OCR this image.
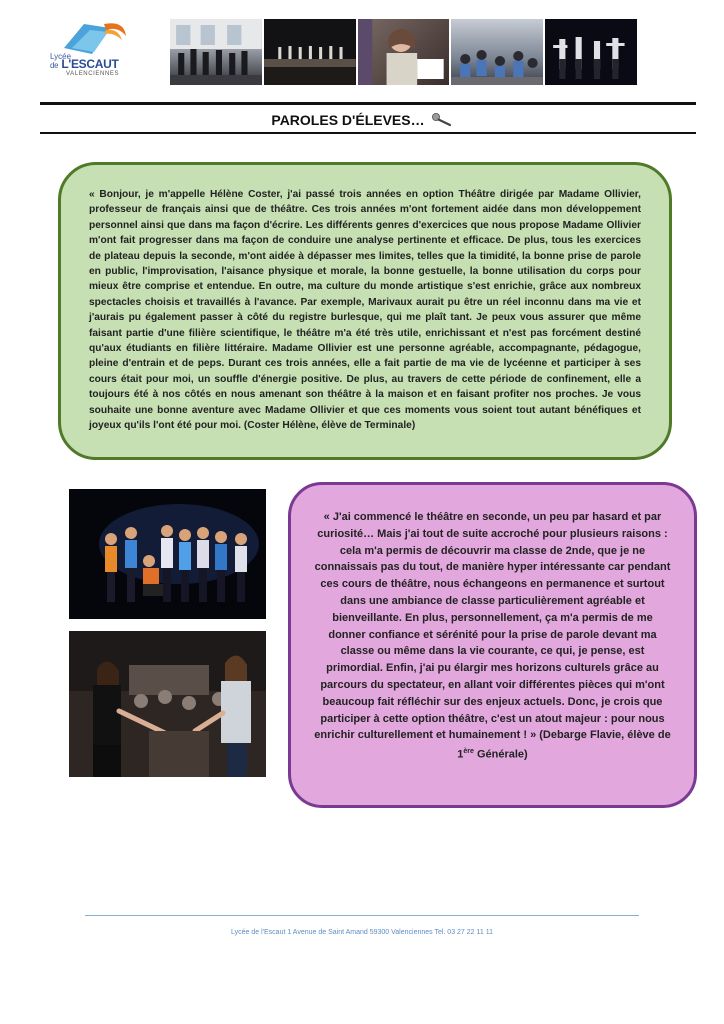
Lycée
de L'ESCAUT
VALENCIENNES
PAROLES D'ÉLEVES…

« Bonjour, je m'appelle Hélène Coster, j'ai passé trois années en option Théâtre dirigée par Madame Ollivier, professeur de français ainsi que de théâtre. Ces trois années m'ont fortement aidée dans mon développement personnel ainsi que dans ma façon d'écrire. Les différents genres d'exercices que nous propose Madame Ollivier m'ont fait progresser dans ma façon de conduire une analyse pertinente et efficace. De plus, tous les exercices de plateau depuis la seconde, m'ont aidée à dépasser mes limites, telles que la timidité, la bonne prise de parole en public, l'improvisation, l'aisance physique et morale, la bonne gestuelle, la bonne utilisation du corps pour mieux être comprise et entendue. En outre, ma culture du monde artistique s'est enrichie, grâce aux nombreux spectacles choisis et travaillés à l'avance. Par exemple, Marivaux aurait pu être un réel inconnu dans ma vie et j'aurais pu également passer à côté du registre burlesque, qui me plaît tant. Je peux vous assurer que même faisant partie d'une filière scientifique, le théâtre m'a été très utile, enrichissant et n'est pas forcément destiné qu'aux étudiants en filière littéraire. Madame Ollivier est une personne agréable, accompagnante, pédagogue, pleine d'entrain et de peps. Durant ces trois années, elle a fait partie de ma vie de lycéenne et participer à ses cours était pour moi, un souffle d'énergie positive. De plus, au travers de cette période de confinement, elle a toujours été à nos côtés en nous amenant son théâtre à la maison et en faisant profiter nos proches. Je vous souhaite une bonne aventure avec Madame Ollivier et que ces moments vous soient tout autant bénéfiques et joyeux qu'ils l'ont été pour moi. (Coster Hélène, élève de Terminale)

« J'ai commencé le théâtre en seconde, un peu par hasard et par curiosité… Mais j'ai tout de suite accroché pour plusieurs raisons : cela m'a permis de découvrir ma classe de 2nde, que je ne connaissais pas du tout, de manière hyper intéressante car pendant ces cours de théâtre, nous échangeons en permanence et surtout dans une ambiance de classe particulièrement agréable et bienveillante. En plus, personnellement, ça m'a permis de me donner confiance et sérénité pour la prise de parole devant ma classe ou même dans la vie courante, ce qui, je pense, est primordial. Enfin, j'ai pu élargir mes horizons culturels grâce au parcours du spectateur, en allant voir différentes pièces qui m'ont beaucoup fait réfléchir sur des enjeux actuels. Donc, je crois que participer à cette option théâtre, c'est un atout majeur : pour nous enrichir culturellement et humainement ! » (Debarge Flavie, élève de 1ère Générale)

Lycée de l'Escaut 1 Avenue de Saint Amand 59300 Valenciennes Tel. 03 27 22 11 11
